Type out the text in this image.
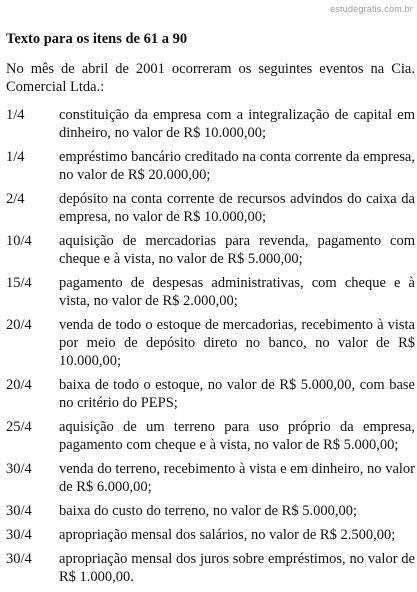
estudegratis.com.br
Texto para os itens de 61 a 90
No mês de abril de 2001 ocorreram os seguintes eventos na Cia. Comercial Ltda.:
1/4	constituição da empresa com a integralização de capital em dinheiro, no valor de R$ 10.000,00;
1/4	empréstimo bancário creditado na conta corrente da empresa, no valor de R$ 20.000,00;
2/4	depósito na conta corrente de recursos advindos do caixa da empresa, no valor de R$ 10.000,00;
10/4	aquisição de mercadorias para revenda, pagamento com cheque e à vista, no valor de R$ 5.000,00;
15/4	pagamento de despesas administrativas, com cheque e à vista, no valor de R$ 2.000,00;
20/4	venda de todo o estoque de mercadorias, recebimento à vista por meio de depósito direto no banco, no valor de R$ 10.000,00;
20/4	baixa de todo o estoque, no valor de R$ 5.000,00, com base no critério do PEPS;
25/4	aquisição de um terreno para uso próprio da empresa, pagamento com cheque e à vista, no valor de R$ 5.000,00;
30/4	venda do terreno, recebimento à vista e em dinheiro, no valor de R$ 6.000,00;
30/4	baixa do custo do terreno, no valor de R$ 5.000,00;
30/4	apropriação mensal dos salários, no valor de R$ 2.500,00;
30/4	apropriação mensal dos juros sobre empréstimos, no valor de R$ 1.000,00.
